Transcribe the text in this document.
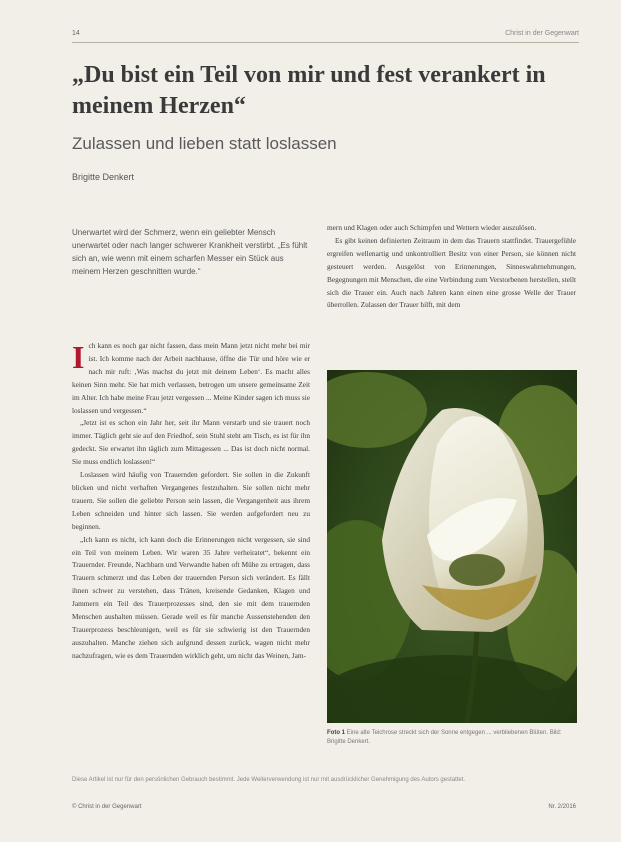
14	Christ in der Gegenwart
„Du bist ein Teil von mir und fest verankert in meinem Herzen“
Zulassen und lieben statt loslassen
Brigitte Denkert

Unerwartet wird der Schmerz, wenn ein geliebter Mensch unerwartet oder nach langer schwerer Krankheit verstirbt. „Es fühlt sich an, wie wenn mit einem scharfen Messer ein Stück aus meinem Herzen geschnitten wurde.“

Ich kann es noch gar nicht fassen, dass mein Mann jetzt nicht mehr bei mir ist. Ich komme nach der Arbeit nachhause, öffne die Tür und höre wie er nach mir ruft: ‚Was machst du jetzt mit deinem Leben‘. Es macht alles keinen Sinn mehr. Sie hat mich verlassen, betrogen um unsere gemeinsame Zeit im Alter. Ich habe meine Frau jetzt vergessen ... Meine Kinder sagen ich muss sie loslassen und vergessen.“

„Jetzt ist es schon ein Jahr her, seit ihr Mann verstarb und sie trauert noch immer. Täglich geht sie auf den Friedhof, sein Stuhl steht am Tisch, es ist für ihn gedeckt. Sie erwartet ihn täglich zum Mittagessen ... Das ist doch nicht normal. Sie muss endlich loslassen!“

Loslassen wird häufig von Trauernden gefordert. Sie sollen in die Zukunft blicken und nicht verhaften Vergangenes festzuhalten. Sie sollen nicht mehr trauern. Sie sollen die geliebte Person sein lassen, die Vergangenheit aus ihrem Leben schneiden und hinter sich lassen. Sie werden aufgefordert neu zu beginnen.

„Ich kann es nicht, ich kann doch die Erinnerungen nicht vergessen, sie sind ein Teil von meinem Leben. Wir waren 35 Jahre verheiratet“, bekennt ein Trauernder. Freunde, Nachbarn und Verwandte haben oft Mühe zu ertragen, dass Trauern schmerzt und das Leben der trauernden Person sich verändert. Es fällt ihnen schwer zu verstehen, dass Tränen, kreisende Gedanken, Klagen und Jammern ein Teil des Trauerprozesses sind, den sie mit dem trauernden Menschen aushalten müssen. Gerade weil es für manche Aussenstehenden den Trauerprozess beschleunigen, weil es für sie schwierig ist den Trauernden auszuhalten. Manche ziehen sich aufgrund dessen zurück, wagen nicht mehr nachzufragen, wie es dem Trauernden wirklich geht, um nicht das Weinen, Jam-

mern und Klagen oder auch Schimpfen und Wettern wieder auszulösen.

Es gibt keinen definierten Zeitraum in dem das Trauern stattfindet. Trauergefühle ergreifen wellenartig und unkontrolliert Besitz von einer Person, sie können nicht gesteuert werden. Ausgelöst von Erinnerungen, Sinneswahrnehmungen, Begegnungen mit Menschen, die eine Verbindung zum Verstorbenen herstellen, stellt sich die Trauer ein. Auch nach Jahren kann einen eine grosse Welle der Trauer überrollen. Zulassen der Trauer hilft, mit dem

Foto 1 Eine alte Teichrose streckt sich der Sonne entgegen ... verbliebenen Blüten. Bild: Brigitte Denkert.

Diese Artikel ist nur für den persönlichen Gebrauch bestimmt. Jede Weiterverwendung ist nur mit ausdrücklicher Genehmigung des Autors gestattet.

© Christ in der Gegenwart	Nr. 2/2016
